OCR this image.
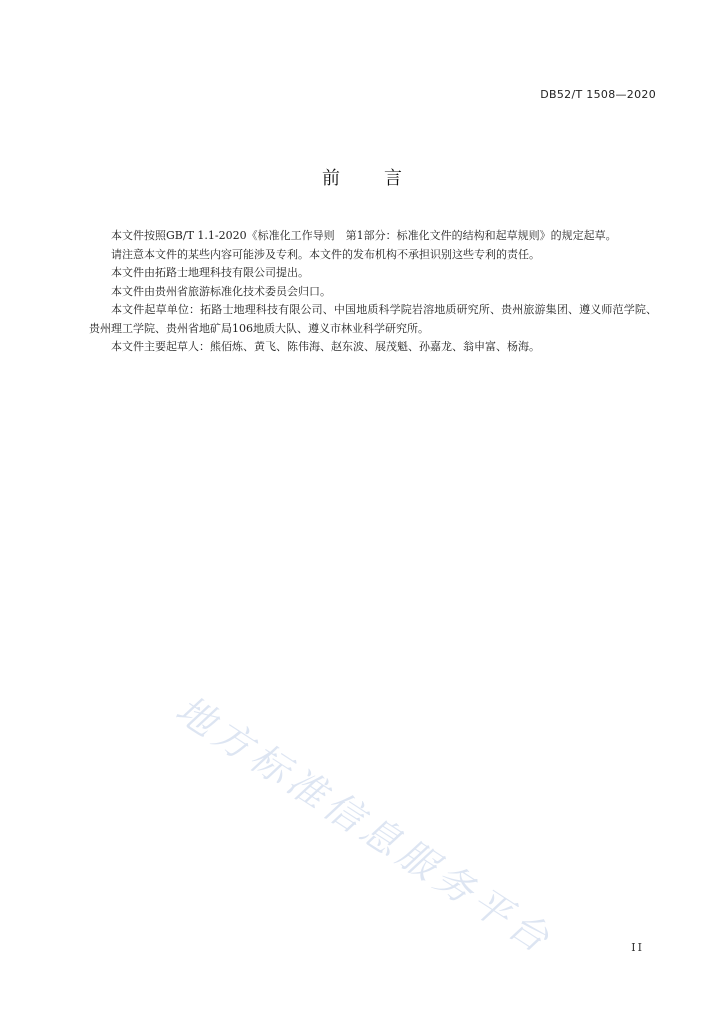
DB52/T 1508—2020
前言

本文件按照GB/T 1.1-2020《标准化工作导则　第1部分：标准化文件的结构和起草规则》的规定起草。

请注意本文件的某些内容可能涉及专利。本文件的发布机构不承担识别这些专利的责任。

本文件由拓路士地理科技有限公司提出。

本文件由贵州省旅游标准化技术委员会归口。

本文件起草单位：拓路士地理科技有限公司、中国地质科学院岩溶地质研究所、贵州旅游集团、遵义师范学院、贵州理工学院、贵州省地矿局106地质大队、遵义市林业科学研究所。

本文件主要起草人：熊佰炼、黄飞、陈伟海、赵东波、展茂魁、孙嘉龙、翁申富、杨海。

地方标准信息服务平台	II
